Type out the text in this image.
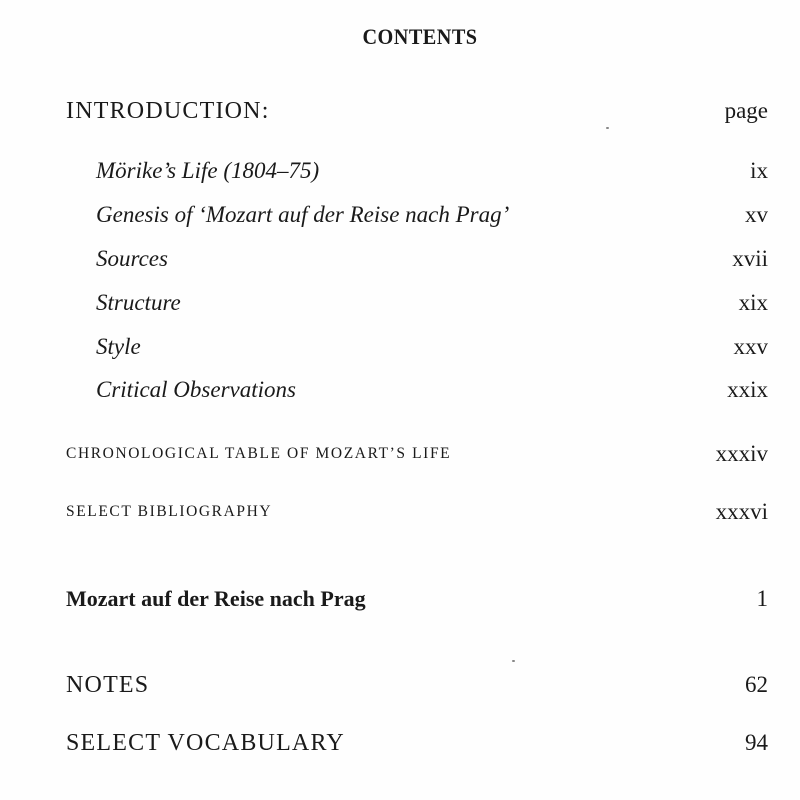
CONTENTS
INTRODUCTION:	page
Mörike’s Life (1804–75)	ix
Genesis of ‘Mozart auf der Reise nach Prag’	xv
Sources	xvii
Structure	xix
Style	xxv
Critical Observations	xxix
CHRONOLOGICAL TABLE OF MOZART’S LIFE	xxxiv
SELECT BIBLIOGRAPHY	xxxvi
Mozart auf der Reise nach Prag	1
NOTES	62
SELECT VOCABULARY	94
